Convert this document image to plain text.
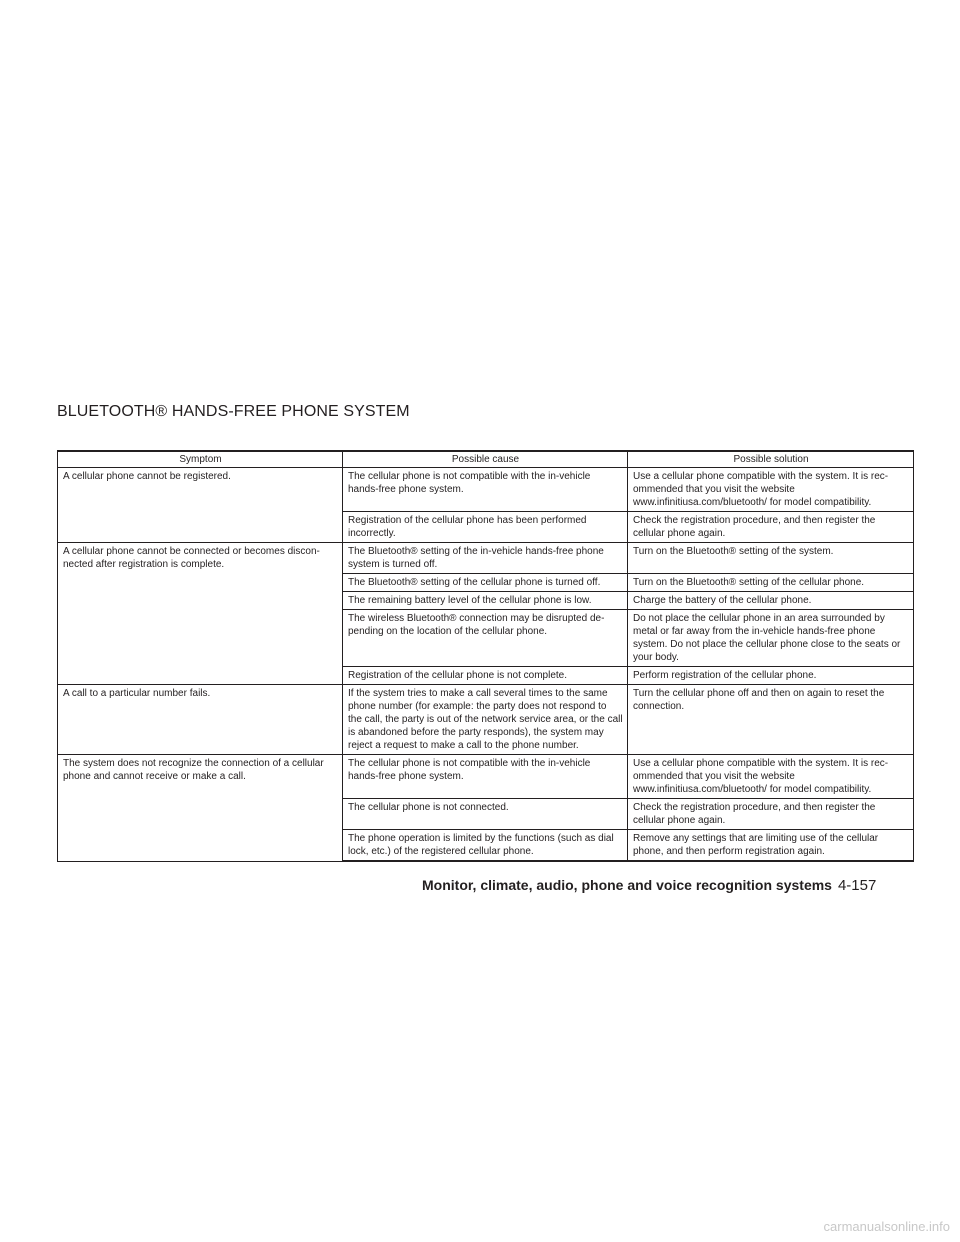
BLUETOOTH® HANDS-FREE PHONE SYSTEM
Symptom	Possible cause	Possible solution
A cellular phone cannot be registered.	The cellular phone is not compatible with the in-vehicle hands-free phone system.	Use a cellular phone compatible with the system. It is rec-ommended that you visit the website www.infinitiusa.com/bluetooth/ for model compatibility.
	Registration of the cellular phone has been performed incorrectly.	Check the registration procedure, and then register the cellular phone again.
A cellular phone cannot be connected or becomes discon-nected after registration is complete.	The Bluetooth® setting of the in-vehicle hands-free phone system is turned off.	Turn on the Bluetooth® setting of the system.
	The Bluetooth® setting of the cellular phone is turned off.	Turn on the Bluetooth® setting of the cellular phone.
	The remaining battery level of the cellular phone is low.	Charge the battery of the cellular phone.
	The wireless Bluetooth® connection may be disrupted de-pending on the location of the cellular phone.	Do not place the cellular phone in an area surrounded by metal or far away from the in-vehicle hands-free phone system. Do not place the cellular phone close to the seats or your body.
	Registration of the cellular phone is not complete.	Perform registration of the cellular phone.
A call to a particular number fails.	If the system tries to make a call several times to the same phone number (for example: the party does not respond to the call, the party is out of the network service area, or the call is abandoned before the party responds), the system may reject a request to make a call to the phone number.	Turn the cellular phone off and then on again to reset the connection.
The system does not recognize the connection of a cellular phone and cannot receive or make a call.	The cellular phone is not compatible with the in-vehicle hands-free phone system.	Use a cellular phone compatible with the system. It is rec-ommended that you visit the website www.infinitiusa.com/bluetooth/ for model compatibility.
	The cellular phone is not connected.	Check the registration procedure, and then register the cellular phone again.
	The phone operation is limited by the functions (such as dial lock, etc.) of the registered cellular phone.	Remove any settings that are limiting use of the cellular phone, and then perform registration again.
Monitor, climate, audio, phone and voice recognition systems 4-157
carmanualsonline.info
